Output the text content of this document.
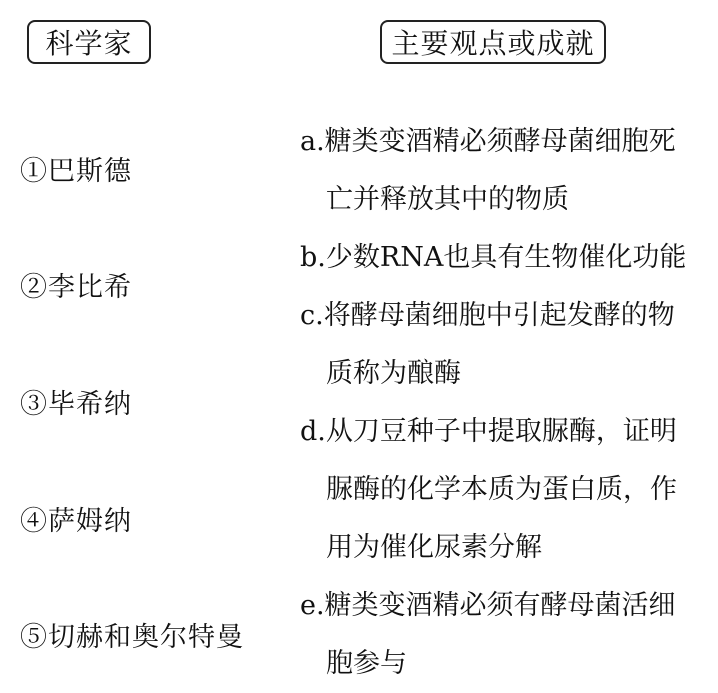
科学家	主要观点或成就
①巴斯德
②李比希
③毕希纳
④萨姆纳
⑤切赫和奥尔特曼
a.糖类变酒精必须酵母菌细胞死
亡并释放其中的物质
b.少数RNA也具有生物催化功能
c.将酵母菌细胞中引起发酵的物
质称为酿酶
d.从刀豆种子中提取脲酶，证明
脲酶的化学本质为蛋白质，作
用为催化尿素分解
e.糖类变酒精必须有酵母菌活细
胞参与
